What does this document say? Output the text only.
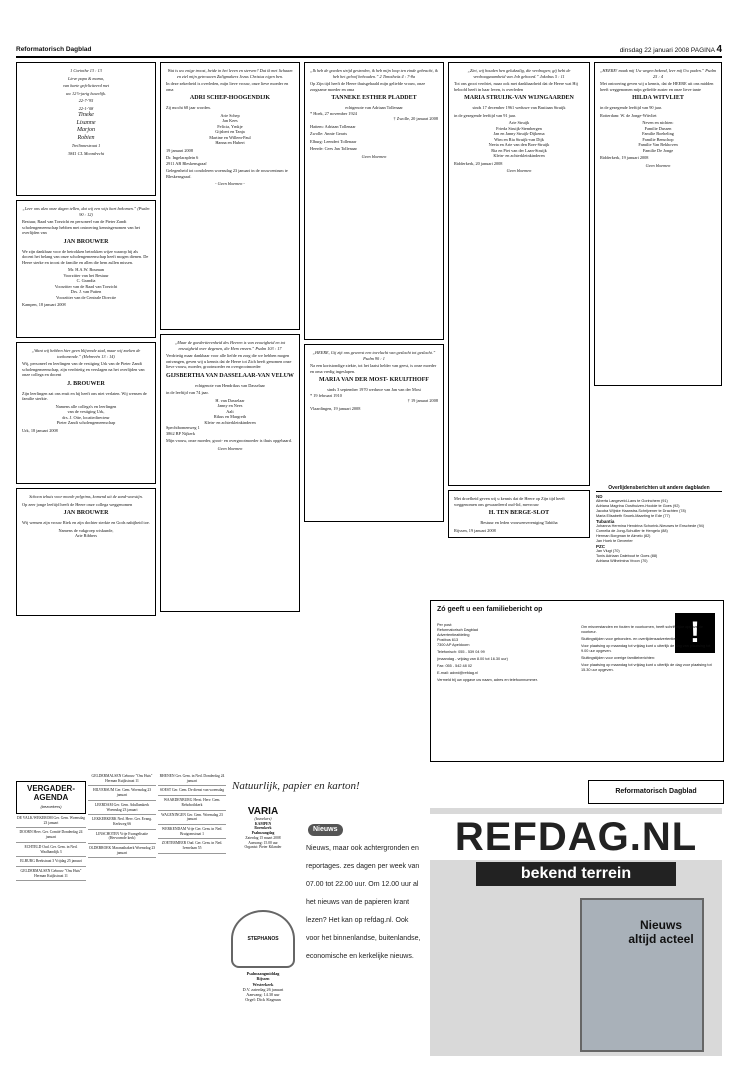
Reformatorisch Dagblad	dinsdag 22 januari 2008 PAGINA 4
1 Corinthe 13 : 13
Lieve papa & mama,
van harte gefeliciteerd met
uw 12½-jarig huwelijk.
22-7-'95
22-1-'08
Tineke
Lisanne
Marjon
Robien
Treilinnestraat 1
3841 CL Moordrecht
„Leer ons alzo onze dagen tellen, dat wij een wijs hart bekomen.” (Psalm 90 : 12)

Bestuur, Raad van Toezicht en personeel van de Pieter Zandt scholengemeenschap hebben met ontroering kennisgenomen van het overlijden van

JAN BROUWER

We zijn dankbaar voor de betrokken betrokken wijze waarop hij als docent het belang van onze scholengemeenschap heeft mogen dienen. De Heere sterke en troost de familie en allen die hem zullen missen.

Mr. H.A.W. Bouman
Voorzitter van het Bestuur
C. Grandia
Voorzitter van de Raad van Toezicht
Drs. J. van Putten
Voorzitter van de Centrale Directie

Kampen, 18 januari 2008

„Want wij hebben hier geen blijvende stad, maar wij zoeken de toekomende.” (Hebreeën 13 : 14)

Wij, personeel en leerlingen van de vestiging Urk van de Pieter Zandt scholengemeenschap, zijn verdrietig en verslagen na het overlijden van onze collega en docent

J. BROUWER

Zijn leerlingen zat ons eruit en hij heeft ons niet verlaten. Wij wensen de familie sterkte.

Namens alle collega's en leerlingen
van de vestiging Urk,
drs. J. Otte, locatiedirecteur
Pieter Zandt scholengemeenschap

Urk, 18 januari 2008

Schoon tehuis voor moede pelgrims, komend uit de zand-woestijn.

Op zeer jonge leeftijd heeft de Heere onze collega weggenomen

JAN BROUWER

Wij wensen zijn vrouw Riek en zijn dochter sterkte en Gods nabijheid toe.

Namens de vakgroep wiskunde,
Arie Ribbers
Wat is uw enige troost, beide in het leven en sterven? Dat ik met lichaam en ziel mijn getrouwen Zaligmakers Jezus Christus eigen ben.

In deze zekerheid is overleden, mijn lieve vrouw, onze lieve moeder en oma

ADRI SCHEP-HOOGENDIJK

Zij mocht 68 jaar worden.

Arie Schep
Jan Kees
Felicia, Ymkje
Gijsbert en Tanja
Martine en Willem-Paul
Hanna en Hubert

19 januari 2008

Dr. Ingelaraplein 6
2911 AB Bleskensgraaf

Gelegenheid tot condoleren woensdag 23 januari in de rouwcentrum te Bleskensgraaf.

- Geen bloemen -
„Maar de goedertierenheid des Heeren is van eeuwigheid en tot eeuwigheid over degenen, die Hem vrezen.” Psalm 103 : 17

Verdrietig maar dankbaar voor alle liefde en zorg die we hebben mogen ontvangen, geven wij u kennis dat de Heere tot Zich heeft genomen onze lieve vrouw, moeder, grootmoeder en overgrootmoeder

GIJSBERTHA VAN DASSELAAR-VAN VELUW
echtgenote van Hendrikus van Dasselaar

in de leeftijd van 74 jaar.

H. van Dasselaar
Janny en Nees
Aalt
Rikus en Margreth
Klein- en achterkleinkinderen
Spechtbomenweg 1
3862 BP Nijkerk

Mijn vrouw, onze moeder, groot- en overgrootmoeder is thuis opgebaard.

Geen bloemen
„Ik heb de goeden strijd gestreden, ik heb mijn loop ten einde gebracht, ik heb het geloof behouden.” 2 Timotheüs 4 : 7-8a

Op Zijn tijd heeft de Heere thuisgehaald mijn geliefde vrouw, onze zorgzame moeder en oma

TANNEKE ESTHER PLADDET
echtgenote van Adriaan Tollenaar
* Hoek, 27 november 1924
† Zwolle, 20 januari 2008

Hattem: Adriaan Tollenaar

Zwolle: Annie Gearts

Elburg: Leendert Tollenaar

Heerde: Cees Jan Tollenaar

Geen bloemen
„HEERE, Gij zijt ons geweest een toevlucht van geslacht tot geslacht.” Psalm 90 : 1

Na een kortstondige ziekte, tot het laatst helder van geest, is onze moeder en oma vredig ingeslapen.

MARIA VAN DER MOST- KRUIJTHOFF
sinds 3 september 1970 weduwe van Jan van der Most
* 19 februari 1910
† 19 januari 2008

Vlaardingen, 19 januari 2008

„Ziet, wij houden hen gelukzalig, die verdragen; gij hebt de verdraagzaamheid van Job gehoord.” Jakobus 5 : 11

Tot ons groot verdriet, maar ook met dankbaarheid dat de Heere wat Hij beloofd heeft in haar leven, is overleden

MARIA STRUIJK-VAN WIJNGAARDEN
sinds 17 december 1961 weduwe van Bastiaan Struijk

in de gezegende leeftijd van 91 jaar.

Arie Struijk
Frieda Struijk-Stembergen
Jan en Janny Struijk-Dijkema
Wim en Ria Struijk-van Dijk
Neeia en Arie van den Boer-Struijk
Ria en Piet van der Laan-Struijk
Klein- en achterkleinkinderen

Ridderkerk, 20 januari 2008

Geen bloemen

Met droefheid geven wij u kennis dat de Heere op Zijn tijd heeft weggenomen ons gewaardeerd oud-lid, mevrouw

H. TEN BERGE-SLOT
Bestuur en leden vrouwenvereniging Tabitha

Rijssen, 19 januari 2008

„HEERE! maak mij Uw wegen bekend, leer mij Uw paden.” Psalm 25 : 4

Met ontroering geven wij u kennis, dat de HEERE uit ons midden heeft weggenomen mijn geliefde zuster en onze lieve tante

HILDA WITVLIET

in de gezegende leeftijd van 90 jaar.

Rotterdam: W. de Jonge-Witvliet

Neven en nichten:
Familie Dussen
Familie Boeheling
Familie Benschop
Familie Van Bekhoven
Familie De Jonge

Ridderkerk, 19 januari 2008

Geen bloemen
Overlijdensberichten uit andere dagbladen
ND
Alberta Langeveld-Lans te Gorinchem (91)
Adriana Magrina Oosthuizen-Hoolde te Goes (92)
Jacoba Wijnke Haanstra-Schrijvener te Drachten (78)
Maria Elisabeth Snoek-Maarting te Ede (77)
Tubantia
Johanna Hermina Hendrina Schorink-Nieuwes te Enschede (94)
Cornelia de Jong-Schuiller te Hengelo (88)
Herman Borgman te Almelo (82)
Jan Hoek te Deventer
PZC
Jan Vlugt (70)
Tonis Adriaan Dalebout te Goes (88)
Adriana Wilhelmina Vroon (70)
Zó geeft u een familiebericht op
!
Per post:
Reformatorisch Dagblad
Advertentieafdeling
Postbus 613
7300 AP Apeldoorn

Telefonisch: 055 - 539 04 99

(maandag - vrijdag van 8.00 tot 16.30 uur)

Fax: 055 - 542 48 02

E-mail: advrd@refdag.nl

Vermeld bij uw opgave uw naam, adres en telefoonnummer.

Om misverstanden en fouten te voorkomen, heeft schriftelijke opgave de voorkeur.

Sluitingstijden voor gebonden- en overlijdensadvertenties:

Voor plaatsing op maandag tot vrijdag kunt u uiterlijk de dag van plaatsing tot 9.00 uur opgeven.

Sluitingstijden voor overige familieberichten:

Voor plaatsing op maandag tot vrijdag kunt u uiterlijk de dag voor plaatsing tot 15.30 uur opgeven.

Reformatorisch Dagblad
VERGADER-AGENDA
(bezoekers)
DE VALK/WEKEROM Ger. Gem. Woensdag 23 januari
DOORN Herv. Ger. Comité Donderdag 24 januari
ECHTELD Oud. Ger. Gem. in Ned. Waalbandijk 3
ELBURG Beekstraat 3 Vrijdag 25 januari
GELDERMALSEN Gebouw "Ons Huis" Herman Kuijkstraat 11
GELDERMALSEN Gebouw "Ons Huis" Herman Kuijkstraat 11
HILVERSUM Ger. Gem. Woensdag 23 januari
LEERDAM Ger. Gem. Adullamkerk Woensdag 23 januari
LEKKERKERK Ned. Herv. Ger. Evang. Kerkweg 66
LINSCHOTEN Vrije Evangelisatie (Hervormde kerk)
OLDEBROEK Maranathakerk Woensdag 23 januari
RHENEN Ger. Gem. in Ned. Donderdag 24 januari
SOEST Ger. Gem. De dienst van woensdag
WAARDENBURG Herst. Herv. Gem. Rehobothkerk
WAGENINGEN Ger. Gem. Woensdag 23 januari
WERKENDAM Vrije Ger. Gem. in Ned. Bruigomstraat 1
ZOETERMEER Oud. Ger. Gem. in Ned. Ivenelaan 55
Natuurlijk, papier en karton!
VARIA
(bezoekers)
KAMPEN
Bovenkerk
Psalmzangdag
Zaterdag 15 maart 2008
Aanvang: 15.00 uur
Organist: Pieter Kilander
STEPHANOS
Psalmzangmiddag
Rijssen
Westerkerk
D.V. zaterdag 26 januari
Aanvang: 14.30 uur
Orgel: Dick Slagman
Nieuws
Nieuws, maar ook achtergronden en reportages. zes dagen per week van 07.00 tot 22.00 uur. Om 12.00 uur al het nieuws van de papieren krant lezen? Het kan op refdag.nl. Ook voor het binnenlandse, buitenlandse, economische en kerkelijke nieuws.
REFDAG.NL
bekend terrein
Nieuws altijd acteel
